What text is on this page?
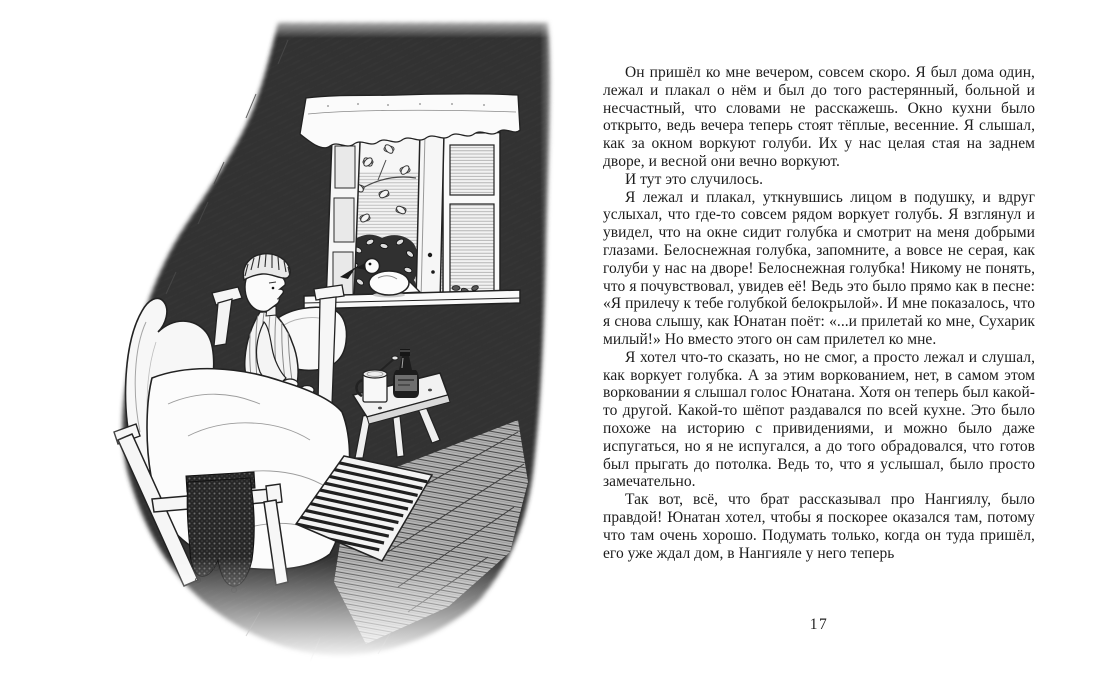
Он пришёл ко мне вечером, совсем скоро. Я был дома один, лежал и плакал о нём и был до того растерянный, больной и несчастный, что словами не расскажешь. Окно кухни было открыто, ведь вечера теперь стоят тёплые, весенние. Я слышал, как за окном воркуют голуби. Их у нас целая стая на заднем дворе, и весной они вечно воркуют.

И тут это случилось.

Я лежал и плакал, уткнувшись лицом в подушку, и вдруг услыхал, что где-то совсем рядом воркует голубь. Я взглянул и увидел, что на окне сидит голубка и смотрит на меня добрыми глазами. Белоснежная голубка, запомните, а вовсе не серая, как голуби у нас на дворе! Белоснежная голубка! Никому не понять, что я почувствовал, увидев её! Ведь это было прямо как в песне: «Я прилечу к тебе голубкой белокрылой». И мне показалось, что я снова слышу, как Юнатан поёт: «...и прилетай ко мне, Сухарик милый!» Но вместо этого он сам прилетел ко мне.

Я хотел что-то сказать, но не смог, а просто лежал и слушал, как воркует голубка. А за этим воркованием, нет, в самом этом ворковании я слышал голос Юнатана. Хотя он теперь был какой-то другой. Какой-то шёпот раздавался по всей кухне. Это было похоже на историю с привидениями, и можно было даже испугаться, но я не испугался, а до того обрадовался, что готов был прыгать до потолка. Ведь то, что я услышал, было просто замечательно.

Так вот, всё, что брат рассказывал про Нангиялу, было правдой! Юнатан хотел, чтобы я поскорее оказался там, потому что там очень хорошо. Подумать только, когда он туда пришёл, его уже ждал дом, в Нангияле у него теперь

17
